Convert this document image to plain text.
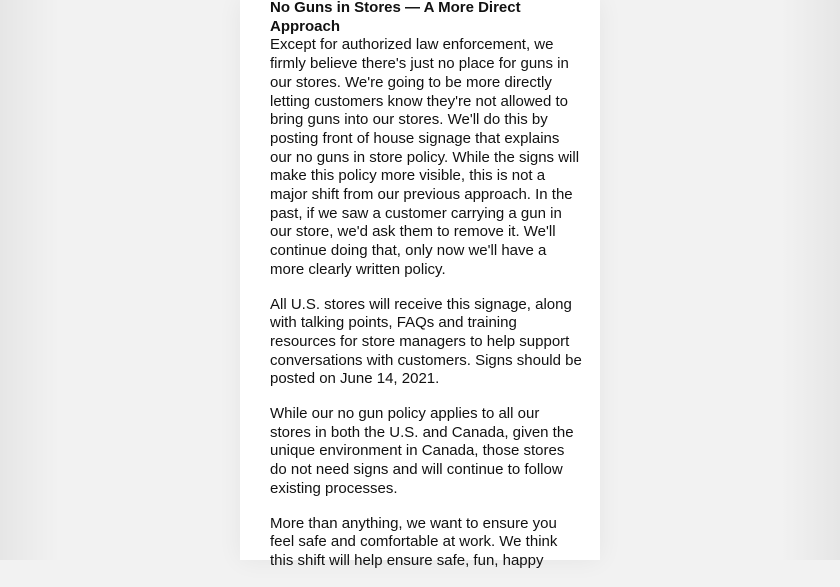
No Guns in Stores — A More Direct Approach

Except for authorized law enforcement, we firmly believe there's just no place for guns in our stores. We're going to be more directly letting customers know they're not allowed to bring guns into our stores. We'll do this by posting front of house signage that explains our no guns in store policy. While the signs will make this policy more visible, this is not a major shift from our previous approach. In the past, if we saw a customer carrying a gun in our store, we'd ask them to remove it. We'll continue doing that, only now we'll have a more clearly written policy.

All U.S. stores will receive this signage, along with talking points, FAQs and training resources for store managers to help support conversations with customers. Signs should be posted on June 14, 2021.

While our no gun policy applies to all our stores in both the U.S. and Canada, given the unique environment in Canada, those stores do not need signs and will continue to follow existing processes.

More than anything, we want to ensure you feel safe and comfortable at work. We think this shift will help ensure safe, fun, happy
